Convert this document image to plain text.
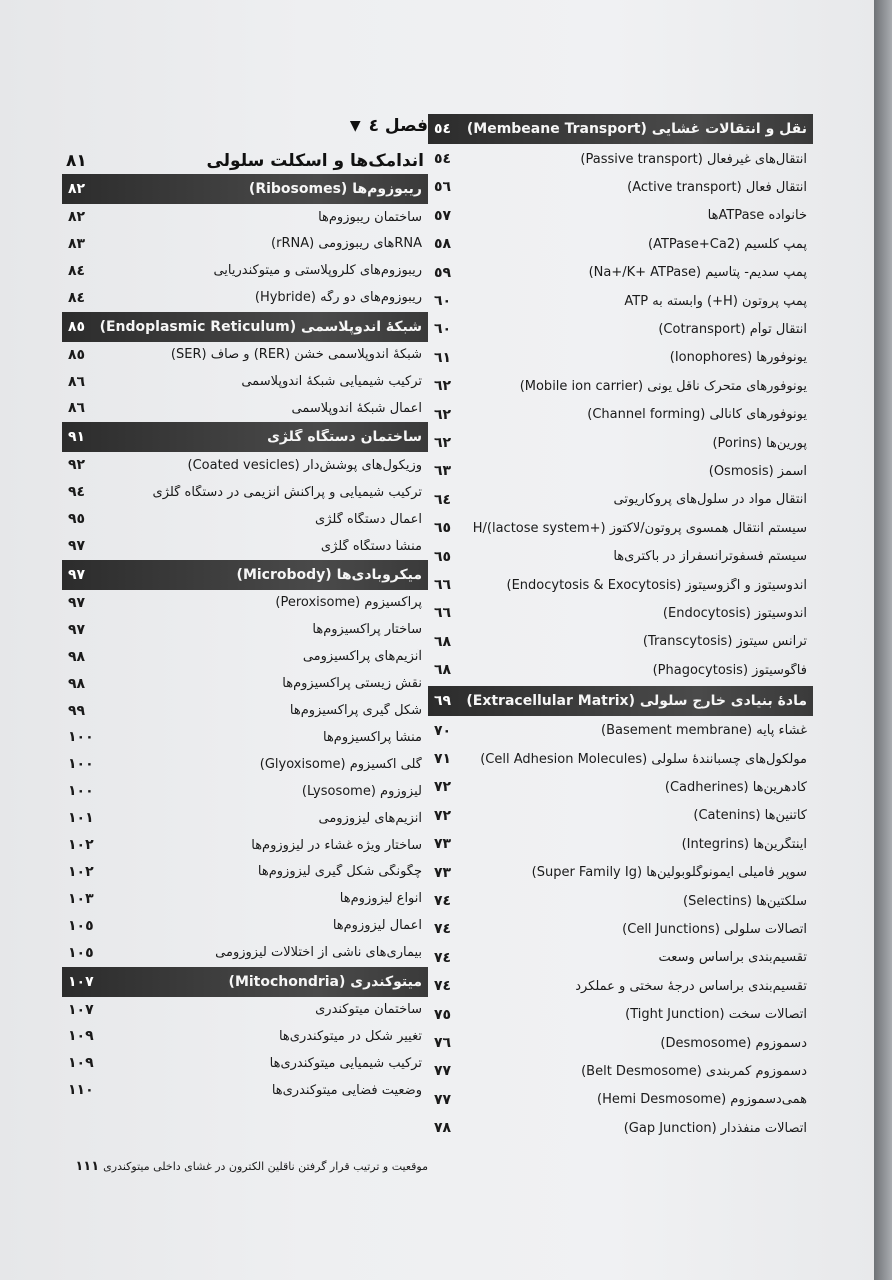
فصل ٤
▼
اندامک‌ها و اسکلت سلولی
٨١
ریبوزوم‌ها (Ribosomes)
٨٢
ساختمان ریبوزوم‌ها
٨٢
RNAهای ریبوزومی (rRNA)
٨٣
ریبوزوم‌های کلروپلاستی و میتوکندریایی
٨٤
ریبوزوم‌های دو رگه (Hybride)
٨٤
شبکهٔ اندوپلاسمی (Endoplasmic Reticulum)
٨٥
شبکهٔ اندوپلاسمی خشن (RER) و صاف (SER)
٨٥
ترکیب شیمیایی شبکهٔ اندوپلاسمی
٨٦
اعمال شبکهٔ اندوپلاسمی
٨٦
ساختمان دستگاه گلژی
٩١
وزیکول‌های پوشش‌دار (Coated vesicles)
٩٢
ترکیب شیمیایی و پراکنش آنزیمی در دستگاه گلژی
٩٤
اعمال دستگاه گلژی
٩٥
منشأ دستگاه گلژی
٩٧
میکروبادی‌ها (Microbody)
٩٧
پراکسیزوم (Peroxisome)
٩٧
ساختار پراکسیزوم‌ها
٩٧
آنزیم‌های پراکسیزومی
٩٨
نقش زیستی پراکسیزوم‌ها
٩٨
شکل گیری پراکسیزوم‌ها
٩٩
منشأ پراکسیزوم‌ها
١٠٠
گلی اکسیزوم (Glyoxisome)
١٠٠
لیزوزوم (Lysosome)
١٠٠
آنزیم‌های لیزوزومی
١٠١
ساختار ویژه غشاء در لیزوزوم‌ها
١٠٢
چگونگی شکل گیری لیزوزوم‌ها
١٠٢
انواع لیزوزوم‌ها
١٠٣
اعمال لیزوزوم‌ها
١٠٥
بیماری‌های ناشی از اختلالات لیزوزومی
١٠٥
میتوکندری (Mitochondria)
١٠٧
ساختمان میتوکندری
١٠٧
تغییر شکل در میتوکندری‌ها
١٠٩
ترکیب شیمیایی میتوکندری‌ها
١٠٩
وضعیت فضایی میتوکندری‌ها
١١٠
موقعیت و ترتیب قرار گرفتن ناقلین الکترون در غشای داخلی میتوکندری
١١١
نقل و انتقالات غشایی (Membeane Transport)
٥٤
انتقال‌های غیرفعال (Passive transport)
٥٤
انتقال فعال (Active transport)
٥٦
خانواده ATPaseها
٥٧
پمپ کلسیم (ATPase+Ca2)
٥٨
پمپ سدیم- پتاسیم (Na+/K+ ATPase)
٥٩
پمپ پروتون (H+) وابسته به ATP
٦٠
انتقال توأم (Cotransport)
٦٠
یونوفورها (Ionophores)
٦١
یونوفورهای متحرک ناقل یونی (Mobile ion carrier)
٦٢
یونوفورهای کانالی (Channel forming)
٦٢
پورین‌ها (Porins)
٦٢
اسمز (Osmosis)
٦٣
انتقال مواد در سلول‌های پروکاریوتی
٦٤
سیستم انتقال همسوی پروتون/لاکتوز H/(lactose system+)
٦٥
سیستم فسفوترانسفراز در باکتری‌ها
٦٥
اندوسیتوز و اگزوسیتوز (Endocytosis & Exocytosis)
٦٦
اندوسیتوز (Endocytosis)
٦٦
ترانس سیتوز (Transcytosis)
٦٨
فاگوسیتوز (Phagocytosis)
٦٨
مادهٔ بنیادی خارج سلولی (Extracellular Matrix)
٦٩
غشاء پایه (Basement membrane)
٧٠
مولکول‌های چسبانندهٔ سلولی (Cell Adhesion Molecules)
٧١
کادهرین‌ها (Cadherines)
٧٢
کاتنین‌ها (Catenins)
٧٢
اینتگرین‌ها (Integrins)
٧٣
سوپر فامیلی ایمونوگلوبولین‌ها (Super Family Ig)
٧٣
سلکتین‌ها (Selectins)
٧٤
اتصالات سلولی (Cell Junctions)
٧٤
تقسیم‌بندی براساس وسعت
٧٤
تقسیم‌بندی براساس درجهٔ سختی و عملکرد
٧٤
اتصالات سخت (Tight Junction)
٧٥
دسموزوم (Desmosome)
٧٦
دسموزوم کمربندی (Belt Desmosome)
٧٧
همی‌دسموزوم (Hemi Desmosome)
٧٧
اتصالات منفذدار (Gap Junction)
٧٨
